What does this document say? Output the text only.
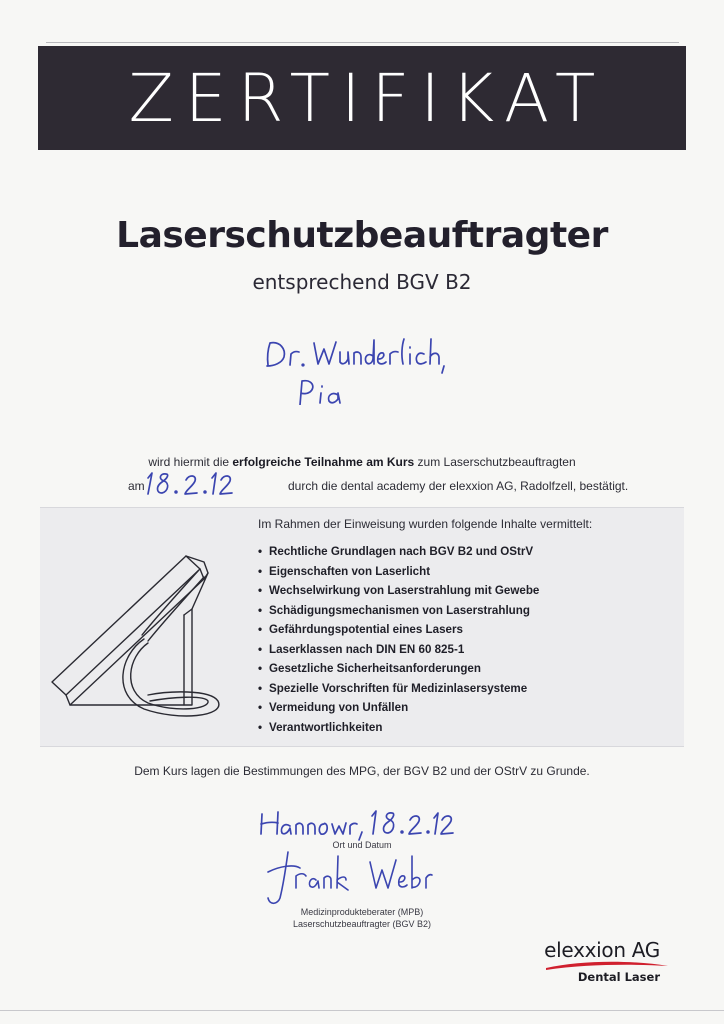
ZERTIFIKAT
Laserschutzbeauftragter
entsprechend BGV B2
wird hiermit die erfolgreiche Teilnahme am Kurs zum Laserschutzbeauftragten
am	durch die dental academy der elexxion AG, Radolfzell, bestätigt.
Im Rahmen der Einweisung wurden folgende Inhalte vermittelt:
• Rechtliche Grundlagen nach BGV B2 und OStrV
• Eigenschaften von Laserlicht
• Wechselwirkung von Laserstrahlung mit Gewebe
• Schädigungsmechanismen von Laserstrahlung
• Gefährdungspotential eines Lasers
• Laserklassen nach DIN EN 60 825-1
• Gesetzliche Sicherheitsanforderungen
• Spezielle Vorschriften für Medizinlasersysteme
• Vermeidung von Unfällen
• Verantwortlichkeiten
Dem Kurs lagen die Bestimmungen des MPG, der BGV B2 und der OStrV zu Grunde.
Ort und Datum
Medizinprodukteberater (MPB)
Laserschutzbeauftragter (BGV B2)
elexxion AG
Dental Laser
